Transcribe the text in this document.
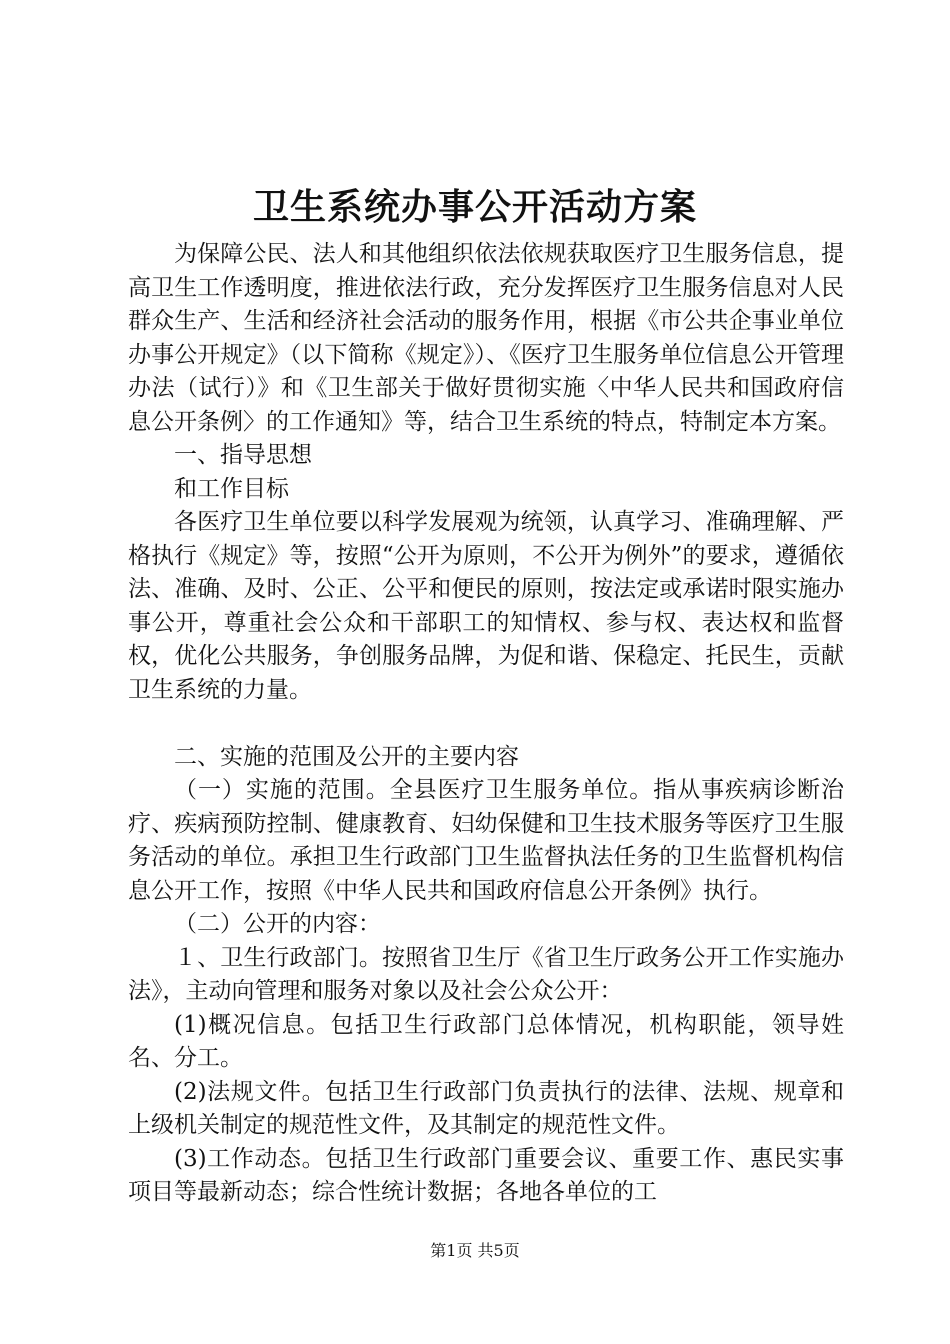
卫生系统办事公开活动方案

为保障公民、法人和其他组织依法依规获取医疗卫生服务信息，提高卫生工作透明度，推进依法行政，充分发挥医疗卫生服务信息对人民群众生产、生活和经济社会活动的服务作用，根据《市公共企事业单位办事公开规定》（以下简称《规定》）、《医疗卫生服务单位信息公开管理办法（试行）》和《卫生部关于做好贯彻实施〈中华人民共和国政府信息公开条例〉的工作通知》等，结合卫生系统的特点，特制定本方案。

一、指导思想

和工作目标

各医疗卫生单位要以科学发展观为统领，认真学习、准确理解、严格执行《规定》等，按照“公开为原则，不公开为例外”的要求，遵循依法、准确、及时、公正、公平和便民的原则，按法定或承诺时限实施办事公开，尊重社会公众和干部职工的知情权、参与权、表达权和监督权，优化公共服务，争创服务品牌，为促和谐、保稳定、托民生，贡献卫生系统的力量。

二、实施的范围及公开的主要内容

（一）实施的范围。全县医疗卫生服务单位。指从事疾病诊断治疗、疾病预防控制、健康教育、妇幼保健和卫生技术服务等医疗卫生服务活动的单位。承担卫生行政部门卫生监督执法任务的卫生监督机构信息公开工作，按照《中华人民共和国政府信息公开条例》执行。

（二）公开的内容：

１、卫生行政部门。按照省卫生厅《省卫生厅政务公开工作实施办法》，主动向管理和服务对象以及社会公众公开：

(1)概况信息。包括卫生行政部门总体情况，机构职能，领导姓名、分工。

(2)法规文件。包括卫生行政部门负责执行的法律、法规、规章和上级机关制定的规范性文件，及其制定的规范性文件。

(3)工作动态。包括卫生行政部门重要会议、重要工作、惠民实事项目等最新动态；综合性统计数据；各地各单位的工

第1页 共5页
